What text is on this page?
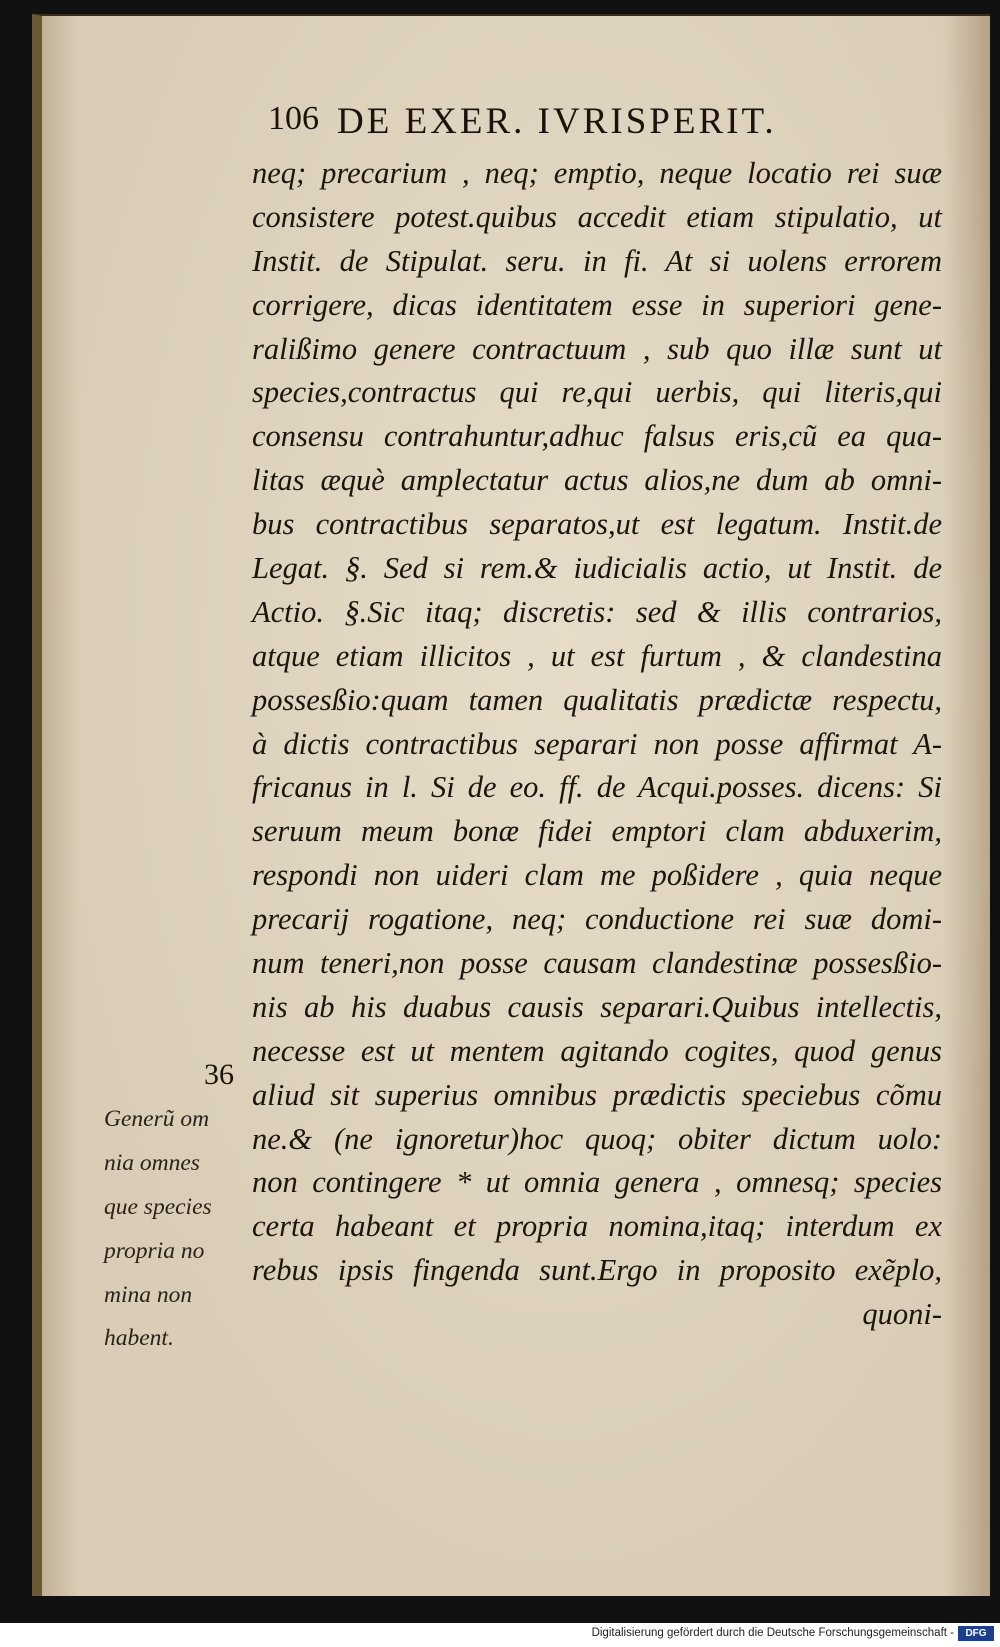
106 DE EXER. IVRISPERIT.
neq; precarium , neq; emptio, neque locatio rei suæ
consistere potest.quibus accedit etiam stipulatio, ut
Instit. de Stipulat. seru. in fi. At si uolens errorem
corrigere, dicas identitatem esse in superiori gene-
ralißimo genere contractuum , sub quo illæ sunt ut
species,contractus qui re,qui uerbis, qui literis,qui
consensu contrahuntur,adhuc falsus eris,cũ ea qua-
litas æquè amplectatur actus alios,ne dum ab omni-
bus contractibus separatos,ut est legatum. Instit.de
Legat. §. Sed si rem.& iudicialis actio, ut Instit. de
Actio. §.Sic itaq; discretis: sed & illis contrarios,
atque etiam illicitos , ut est furtum , & clandestina
possesßio:quam tamen qualitatis prædictæ respectu,
à dictis contractibus separari non posse affirmat A-
fricanus in l. Si de eo. ff. de Acqui.posses. dicens: Si
seruum meum bonæ fidei emptori clam abduxerim,
respondi non uideri clam me poßidere , quia neque
precarij rogatione, neq; conductione rei suæ domi-
num teneri,non posse causam clandestinæ possesßio-
nis ab his duabus causis separari.Quibus intellectis,
necesse est ut mentem agitando cogites, quod genus
aliud sit superius omnibus prædictis speciebus cõmu
ne.& (ne ignoretur)hoc quoq; obiter dictum uolo:
non contingere * ut omnia genera , omnesq; species
certa habeant et propria nomina,itaq; interdum ex
rebus ipsis fingenda sunt.Ergo in proposito exẽplo,
quoni-
36
Generũ om
nia omnes
que species
propria no
mina non
habent.
Digitalisierung gefördert durch die Deutsche Forschungsgemeinschaft -	DFG
